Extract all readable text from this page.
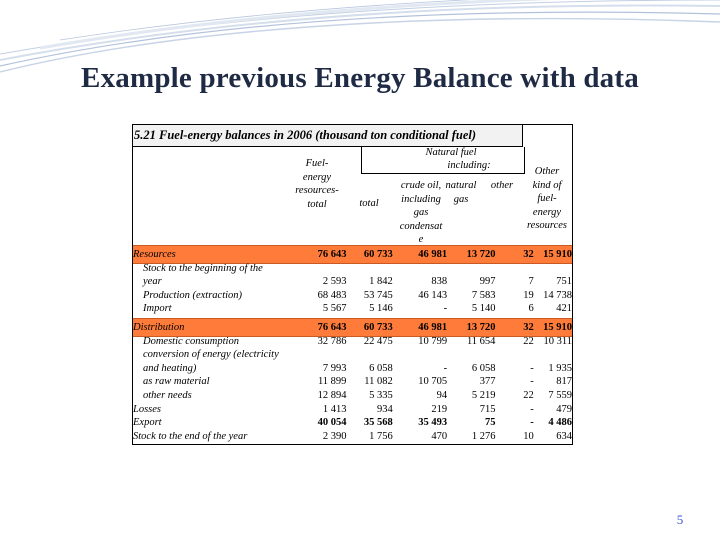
Example previous Energy Balance with data
5.21 Fuel-energy balances in 2006 (thousand ton conditional fuel)
Fuel-
energy
resources-
total
Natural fuel
including:
total
crude oil,
including
gas
condensat
e
natural
gas
other
Other
kind of
fuel-
energy
resources
Resources	76 643	60 733	46 981	13 720	32	15 910
Stock to the beginning of the						
year	2 593	1 842	838	997	7	751
Production (extraction)	68 483	53 745	46 143	7 583	19	14 738
Import	5 567	5 146	-	5 140	6	421
Distribution	76 643	60 733	46 981	13 720	32	15 910
Domestic consumption	32 786	22 475	10 799	11 654	22	10 311
conversion of energy (electricity						
and heating)	7 993	6 058	-	6 058	-	1 935
as raw material	11 899	11 082	10 705	377	-	817
other needs	12 894	5 335	94	5 219	22	7 559
Losses	1 413	934	219	715	-	479
Export	40 054	35 568	35 493	75	-	4 486
Stock to the end of the year	2 390	1 756	470	1 276	10	634
5
